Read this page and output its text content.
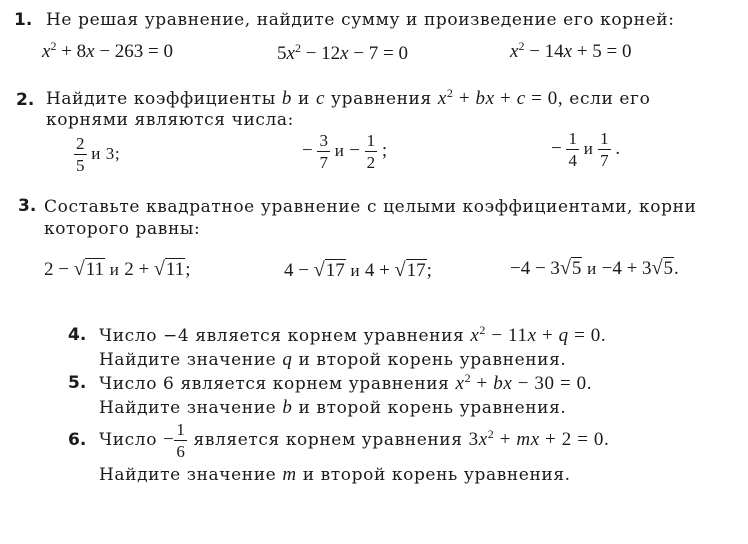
1. Не решая уравнение, найдите сумму и произведение его корней:
$x^2 + 8x - 263 = 0$	$5x^2 - 12x - 7 = 0$	$x^2 - 14x + 5 = 0$
2. Найдите коэффициенты b и c уравнения $x^2$ + bx + c = 0, если его
корнями являются числа:
$\frac{2}{5}$ и 3;	− $\frac{3}{7}$ $и - \frac{1}{2}$ ;	− $\frac{1}{4}$ и $\frac{1}{7}$ .
3. Составьте квадратное уравнение с целыми коэффициентами, корни
которого равны:
2 − √11 и 2 + √11;	4 − √17 и 4 + √17;	−4 − 3√5 и −4 + 3√5.
4. Число −4 является корнем уравнения $x^2 - 11x + q = 0$.
Найдите значение q и второй корень уравнения.
5. Число 6 является корнем уравнения $x^2$ + bx − 30 = 0.
Найдите значение b и второй корень уравнения.
6. Число − $\frac{1}{6}$ является корнем уравнения $3x^2$ + mx + 2 = 0.
Найдите значение m и второй корень уравнения.
